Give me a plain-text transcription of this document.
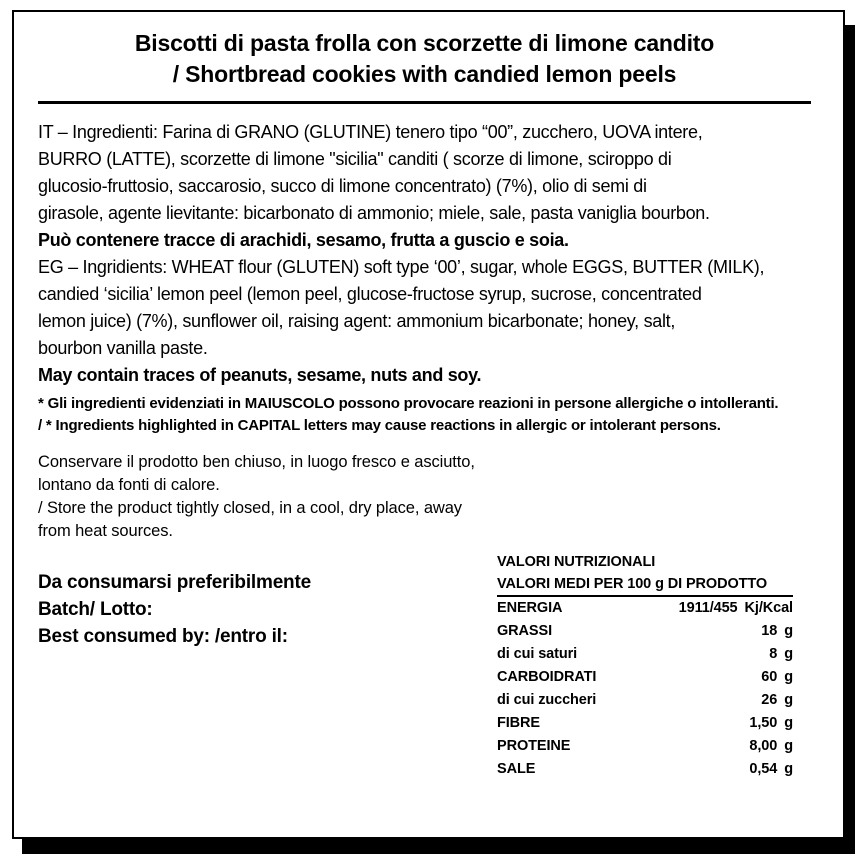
Biscotti di pasta frolla con scorzette di limone candito
/ Shortbread cookies with candied lemon peels
IT – Ingredienti: Farina di GRANO (GLUTINE) tenero tipo “00”, zucchero, UOVA intere,
BURRO (LATTE), scorzette di limone "sicilia" canditi ( scorze di limone, sciroppo di
glucosio-fruttosio, saccarosio, succo di limone concentrato) (7%), olio di semi di
girasole, agente lievitante: bicarbonato di ammonio; miele, sale, pasta vaniglia bourbon.
Può contenere tracce di arachidi, sesamo, frutta a guscio e soia.
EG – Ingridients: WHEAT flour (GLUTEN) soft type ‘00’, sugar, whole EGGS, BUTTER (MILK),
candied ‘sicilia’ lemon peel (lemon peel, glucose-fructose syrup, sucrose, concentrated
lemon juice) (7%), sunflower oil, raising agent: ammonium bicarbonate; honey, salt,
bourbon vanilla paste.
May contain traces of peanuts, sesame, nuts and soy.
* Gli ingredienti evidenziati in MAIUSCOLO possono provocare reazioni in persone allergiche o intolleranti.
/ * Ingredients highlighted in CAPITAL letters may cause reactions in allergic or intolerant persons.
Conservare il prodotto ben chiuso, in luogo fresco e asciutto,
lontano da fonti di calore.
/ Store the product tightly closed, in a cool, dry place, away
from heat sources.
Da consumarsi preferibilmente
Batch/ Lotto:
Best consumed by: /entro il:
VALORI NUTRIZIONALI
VALORI MEDI PER 100 g DI PRODOTTO
ENERGIA	1911/455 Kj/Kcal
GRASSI	18 g
di cui saturi	8 g
CARBOIDRATI	60 g
di cui zuccheri	26 g
FIBRE	1,50 g
PROTEINE	8,00 g
SALE	0,54 g
